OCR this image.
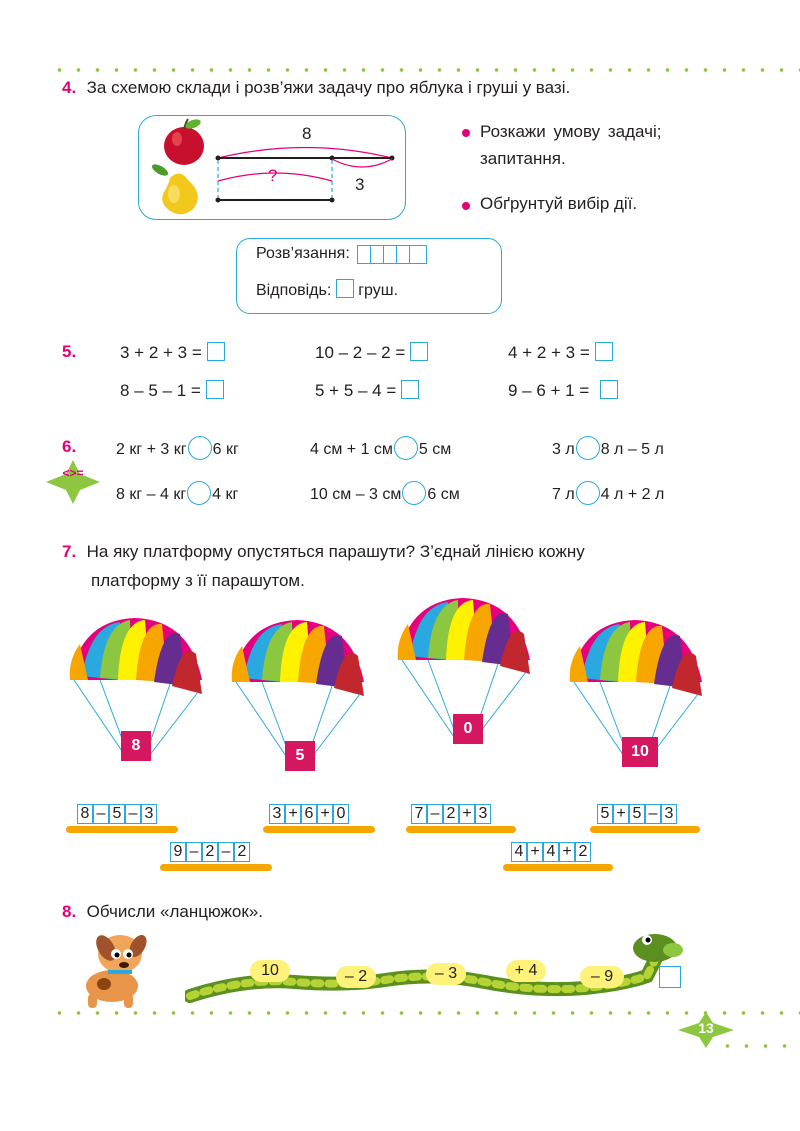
4. За схемою склади і розв’яжи задачу про яблука і груші у вазі.
8
?	3
Розкажи умову задачі;
запитання.
Обґрунтуй вибір дії.
Розв’язання:
Відповідь: груш.
5.	3 + 2 + 3 =	10 – 2 – 2 =	4 + 2 + 3 =
8 – 5 – 1 =	5 + 5 – 4 =	9 – 6 + 1 =
6.
<>=
2 кг + 3 кг 6 кг	4 см + 1 см 5 см	3 л 8 л – 5 л
8 кг – 4 кг 4 кг	10 см – 3 см 6 см	7 л 4 л + 2 л
7. На яку платформу опустяться парашути? З’єднай лінією кожну
платформу з її парашутом.
8
5
0
10
8 – 5 – 3	3 + 6 + 0	7 – 2 + 3	5 + 5 – 3
9 – 2 – 2	4 + 4 + 2
8. Обчисли «ланцюжок».
10	– 2	– 3	+ 4	– 9
13
